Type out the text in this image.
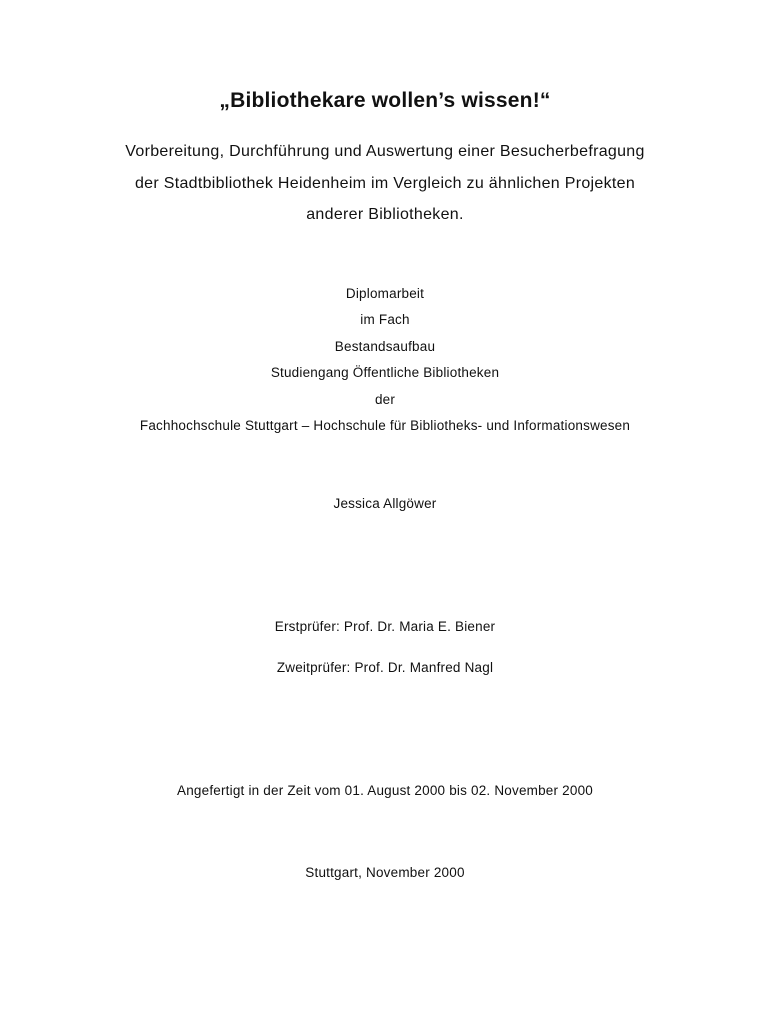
„Bibliothekare wollen’s wissen!“

Vorbereitung, Durchführung und Auswertung einer Besucherbefragung

der Stadtbibliothek Heidenheim im Vergleich zu ähnlichen Projekten

anderer Bibliotheken.

Diplomarbeit

im Fach

Bestandsaufbau

Studiengang Öffentliche Bibliotheken

der

Fachhochschule Stuttgart – Hochschule für Bibliotheks- und Informationswesen

Jessica Allgöwer

Erstprüfer: Prof. Dr. Maria E. Biener

Zweitprüfer: Prof. Dr. Manfred Nagl

Angefertigt in der Zeit vom 01. August 2000 bis 02. November 2000

Stuttgart, November 2000
